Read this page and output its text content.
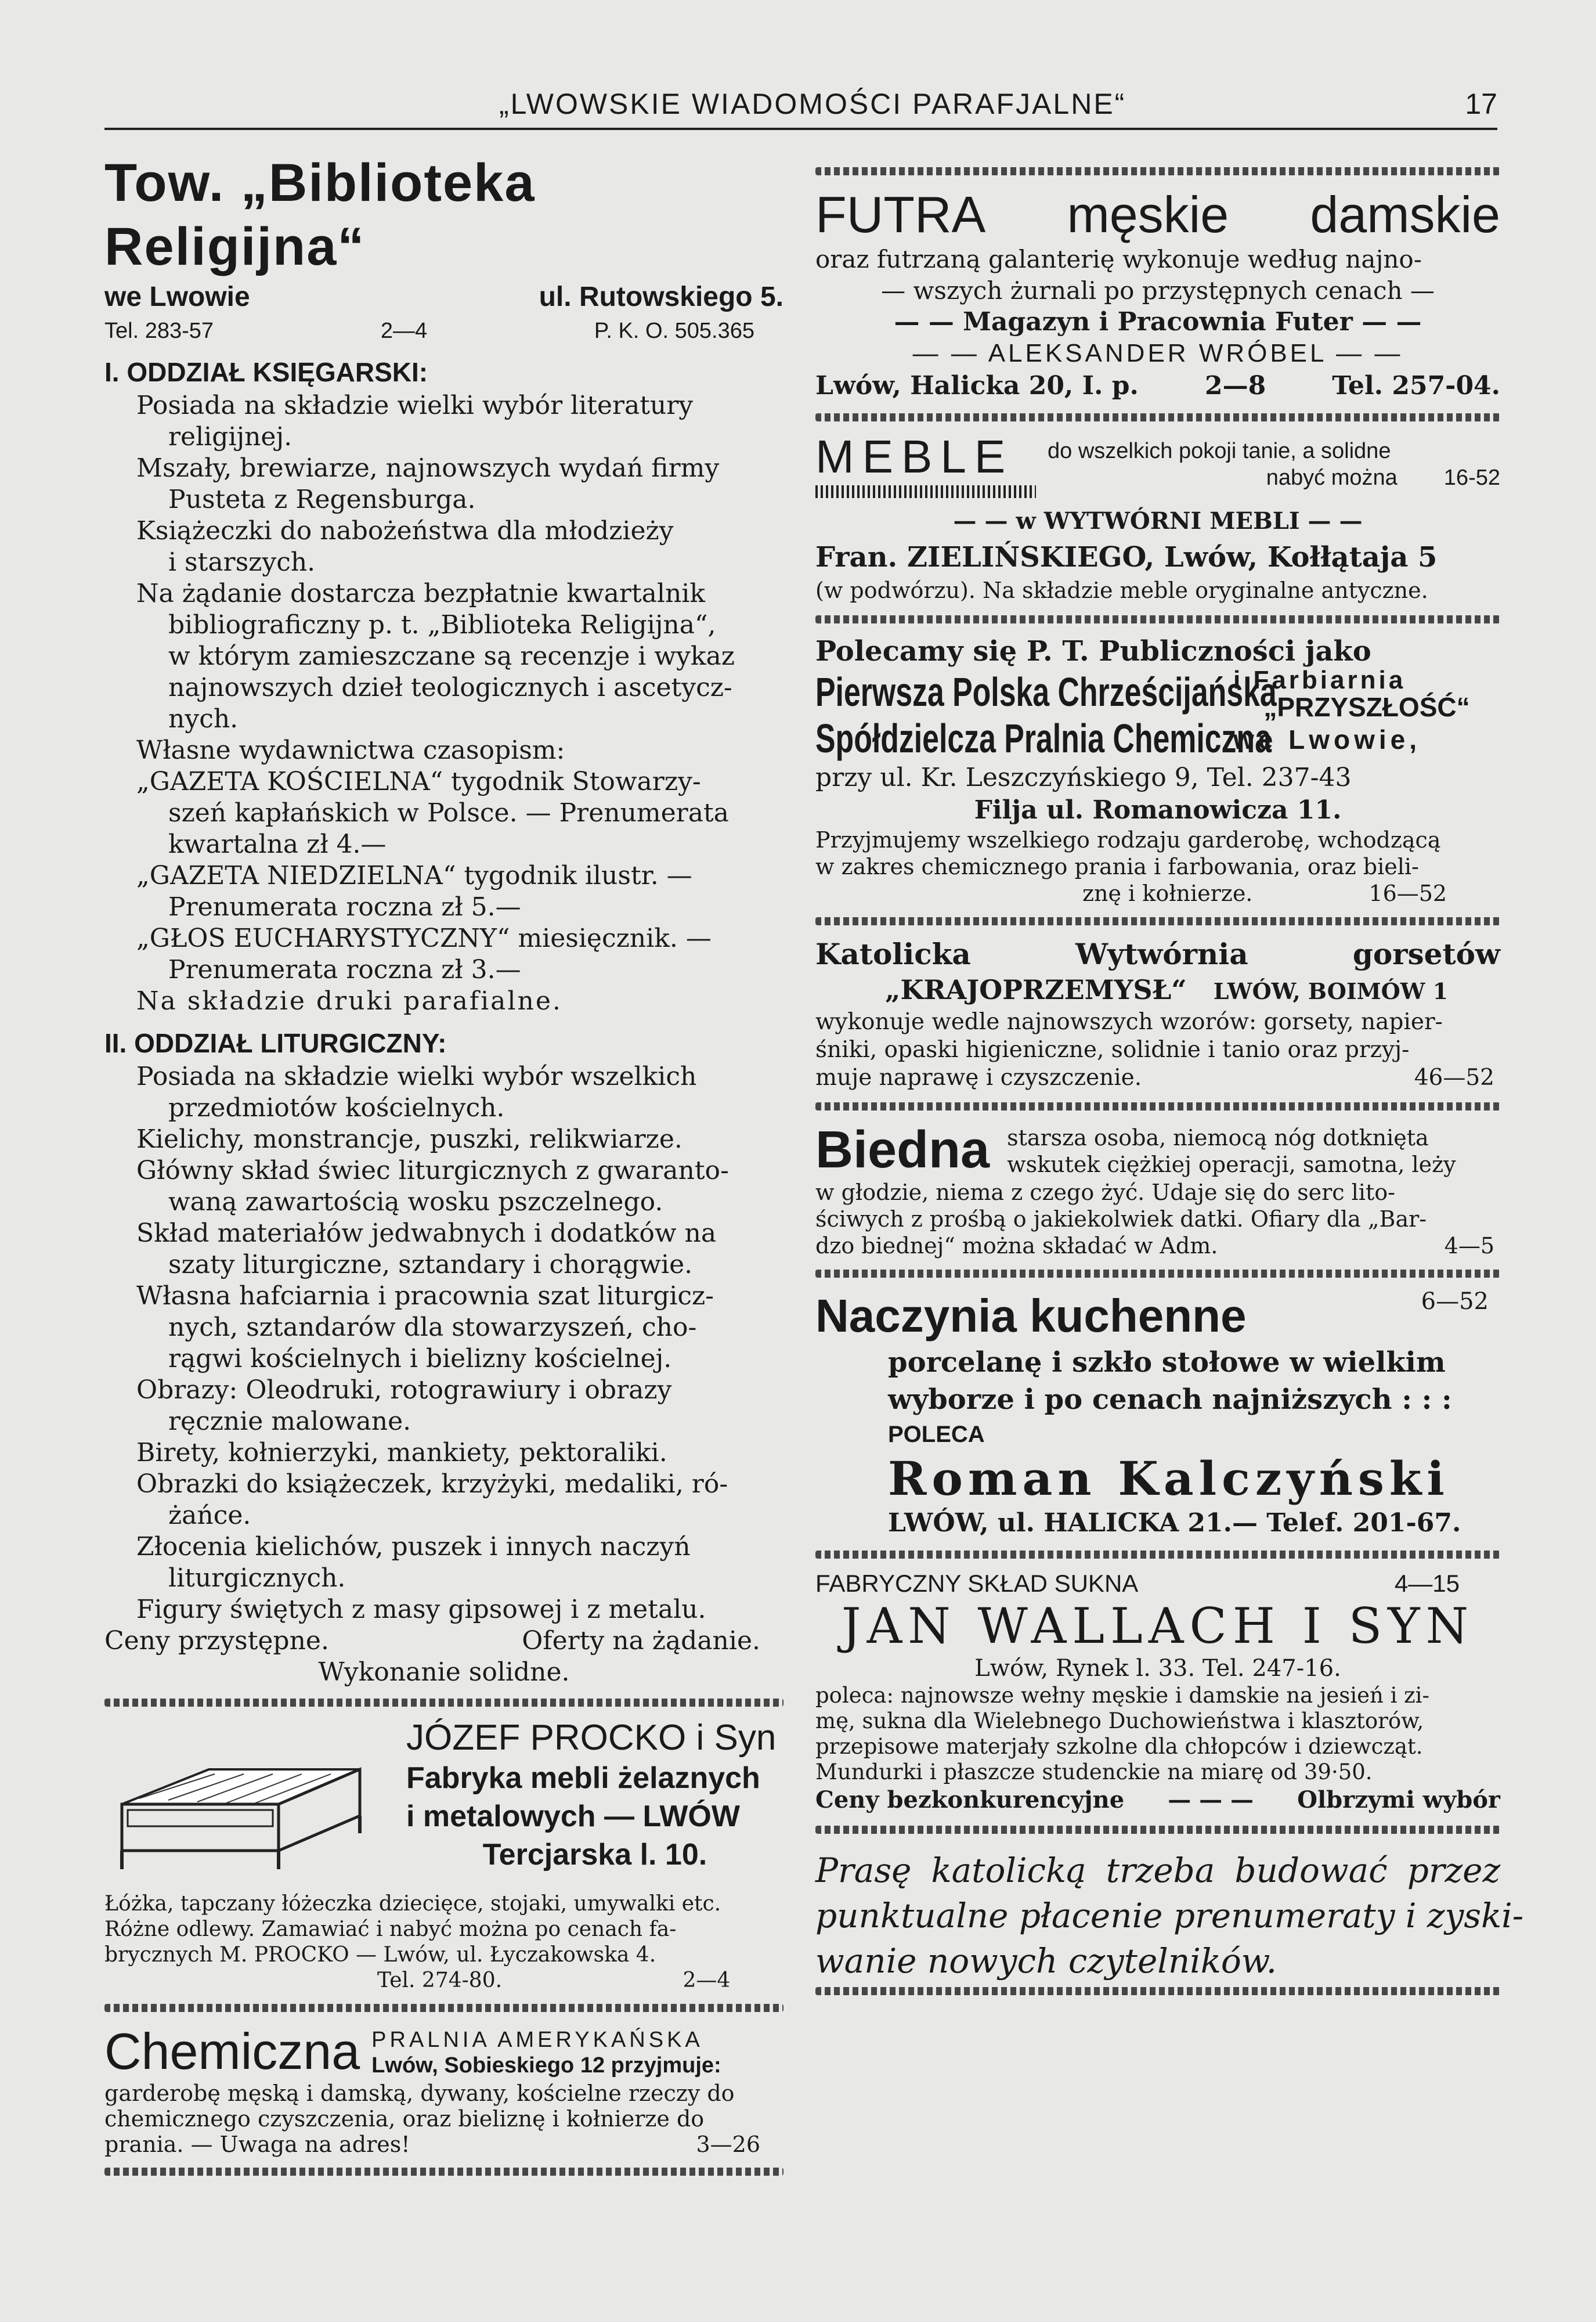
„LWOWSKIE WIADOMOŚCI PARAFJALNE“	17
Tow. „Biblioteka Religijna“
we Lwowie	ul. Rutowskiego 5.
Tel. 283-57	2—4	P. K. O. 505.365
I. ODDZIAŁ KSIĘGARSKI:
Posiada na składzie wielki wybór literatury
religijnej.
Mszały, brewiarze, najnowszych wydań firmy
Pusteta z Regensburga.
Książeczki do nabożeństwa dla młodzieży
i starszych.
Na żądanie dostarcza bezpłatnie kwartalnik
bibliograficzny p. t. „Biblioteka Religijna“,
w którym zamieszczane są recenzje i wykaz
najnowszych dzieł teologicznych i ascetycz-
nych.
Własne wydawnictwa czasopism:
„GAZETA KOŚCIELNA“ tygodnik Stowarzy-
szeń kapłańskich w Polsce. — Prenumerata
kwartalna zł 4.—
„GAZETA NIEDZIELNA“ tygodnik ilustr. —
Prenumerata roczna zł 5.—
„GŁOS EUCHARYSTYCZNY“ miesięcznik. —
Prenumerata roczna zł 3.—
Na składzie druki parafialne.
II. ODDZIAŁ LITURGICZNY:
Posiada na składzie wielki wybór wszelkich
przedmiotów kościelnych.
Kielichy, monstrancje, puszki, relikwiarze.
Główny skład świec liturgicznych z gwaranto-
waną zawartością wosku pszczelnego.
Skład materiałów jedwabnych i dodatków na
szaty liturgiczne, sztandary i chorągwie.
Własna hafciarnia i pracownia szat liturgicz-
nych, sztandarów dla stowarzyszeń, cho-
rągwi kościelnych i bielizny kościelnej.
Obrazy: Oleodruki, rotograwiury i obrazy
ręcznie malowane.
Birety, kołnierzyki, mankiety, pektoraliki.
Obrazki do książeczek, krzyżyki, medaliki, ró-
żańce.
Złocenia kielichów, puszek i innych naczyń
liturgicznych.
Figury świętych z masy gipsowej i z metalu.
Ceny przystępne.	Oferty na żądanie.
Wykonanie solidne.
JÓZEF PROCKO i Syn
Fabryka mebli żelaznych
i metalowych — LWÓW
Tercjarska l. 10.
Łóżka, tapczany łóżeczka dziecięce, stojaki, umywalki etc.
Różne odlewy. Zamawiać i nabyć można po cenach fa-
brycznych M. PROCKO — Lwów, ul. Łyczakowska 4.
Tel. 274-80.	2—4
Chemiczna PRALNIA AMERYKAŃSKA
Lwów, Sobieskiego 12 przyjmuje:
garderobę męską i damską, dywany, kościelne rzeczy do
chemicznego czyszczenia, oraz bieliznę i kołnierze do
prania. — Uwaga na adres!	3—26
FUTRA męskie damskie
oraz futrzaną galanterię wykonuje według najno-
— wszych żurnali po przystępnych cenach —
— — Magazyn i Pracownia Futer — —
— — ALEKSANDER WRÓBEL — —
Lwów, Halicka 20, I. p.	2—8	Tel. 257-04.
MEBLE	do wszelkich pokoji tanie, a solidne
nabyć można 16-52
— — w WYTWÓRNI MEBLI — —
Fran. ZIELIŃSKIEGO, Lwów, Kołłątaja 5
(w podwórzu). Na składzie meble oryginalne antyczne.
Polecamy się P. T. Publiczności jako
Pierwsza Polska Chrześcijańska
Spółdzielcza Pralnia Chemiczna
i Farbiarnia
„PRZYSZŁOŚĆ“
we Lwowie,
przy ul. Kr. Leszczyńskiego 9, Tel. 237-43
Filja ul. Romanowicza 11.
Przyjmujemy wszelkiego rodzaju garderobę, wchodzącą
w zakres chemicznego prania i farbowania, oraz bieli-
znę i kołnierze.	16—52
Katolicka	Wytwórnia	gorsetów
„KRAJOPRZEMYSŁ“ LWÓW, BOIMÓW 1
wykonuje wedle najnowszych wzorów: gorsety, napier-
śniki, opaski higieniczne, solidnie i tanio oraz przyj-
muje naprawę i czyszczenie.	46—52
Biedna starsza osoba, niemocą nóg dotknięta
wskutek ciężkiej operacji, samotna, leży
w głodzie, niema z czego żyć. Udaje się do serc lito-
ściwych z prośbą o jakiekolwiek datki. Ofiary dla „Bar-
dzo biednej“ można składać w Adm.	4—5
Naczynia kuchenne	6—52
porcelanę i szkło stołowe w wielkim
wyborze i po cenach najniższych : : :
POLECA
Roman Kalczyński
LWÓW, ul. HALICKA 21.— Telef. 201-67.
FABRYCZNY SKŁAD SUKNA	4—15
JAN WALLACH I SYN
Lwów, Rynek l. 33. Tel. 247-16.
poleca: najnowsze wełny męskie i damskie na jesień i zi-
mę, sukna dla Wielebnego Duchowieństwa i klasztorów,
przepisowe materjały szkolne dla chłopców i dziewcząt.
Mundurki i płaszcze studenckie na miarę od 39·50.
Ceny bezkonkurencyjne — — — Olbrzymi wybór
Prasę katolicką trzeba budować przez
punktualne płacenie prenumeraty i zyski-
wanie nowych czytelników.
